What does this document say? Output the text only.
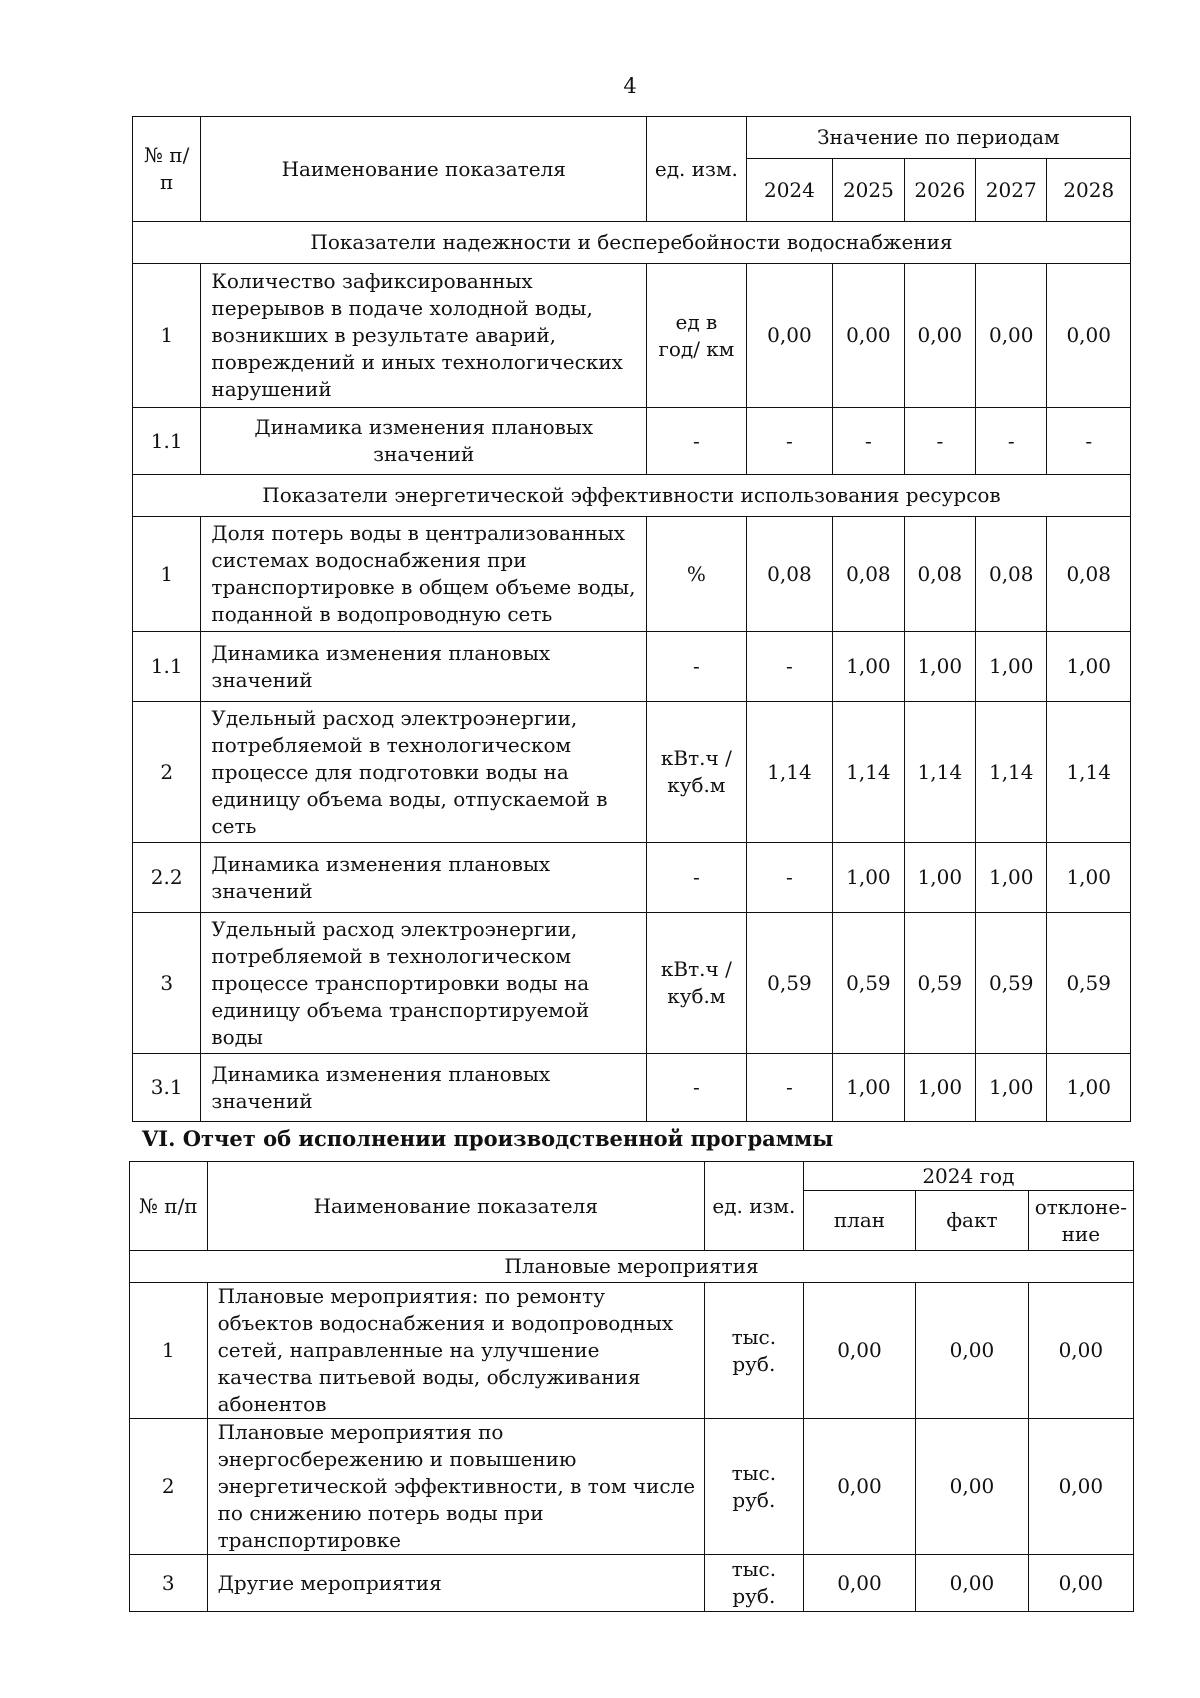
4
№ п/п	Наименование показателя	ед. изм.	Значение по периодам				
			2024	2025	2026	2027	2028
Показатели надежности и бесперебойности водоснабжения							
1	Количество зафиксированных перерывов в подаче холодной воды, возникших в результате аварий, повреждений и иных технологических нарушений	ед в год/ км	0,00	0,00	0,00	0,00	0,00
1.1	Динамика изменения плановых значений	-	-	-	-	-	-
Показатели энергетической эффективности использования ресурсов							
1	Доля потерь воды в централизованных системах водоснабжения при транспортировке в общем объеме воды, поданной в водопроводную сеть	%	0,08	0,08	0,08	0,08	0,08
1.1	Динамика изменения плановых значений	-	-	1,00	1,00	1,00	1,00
2	Удельный расход электроэнергии, потребляемой в технологическом процессе для подготовки воды на единицу объема воды, отпускаемой в сеть	кВт.ч / куб.м	1,14	1,14	1,14	1,14	1,14
2.2	Динамика изменения плановых значений	-	-	1,00	1,00	1,00	1,00
3	Удельный расход электроэнергии, потребляемой в технологическом процессе транспортировки воды на единицу объема транспортируемой воды	кВт.ч / куб.м	0,59	0,59	0,59	0,59	0,59
3.1	Динамика изменения плановых значений	-	-	1,00	1,00	1,00	1,00
VI. Отчет об исполнении производственной программы
№ п/п	Наименование показателя	ед. изм.	2024 год		
			план	факт	отклоне-ние
Плановые мероприятия					
1	Плановые мероприятия: по ремонту объектов водоснабжения и водопроводных сетей, направленные на улучшение качества питьевой воды, обслуживания абонентов	тыс. руб.	0,00	0,00	0,00
2	Плановые мероприятия по энергосбережению и повышению энергетической эффективности, в том числе по снижению потерь воды при транспортировке	тыс. руб.	0,00	0,00	0,00
3	Другие мероприятия	тыс. руб.	0,00	0,00	0,00
